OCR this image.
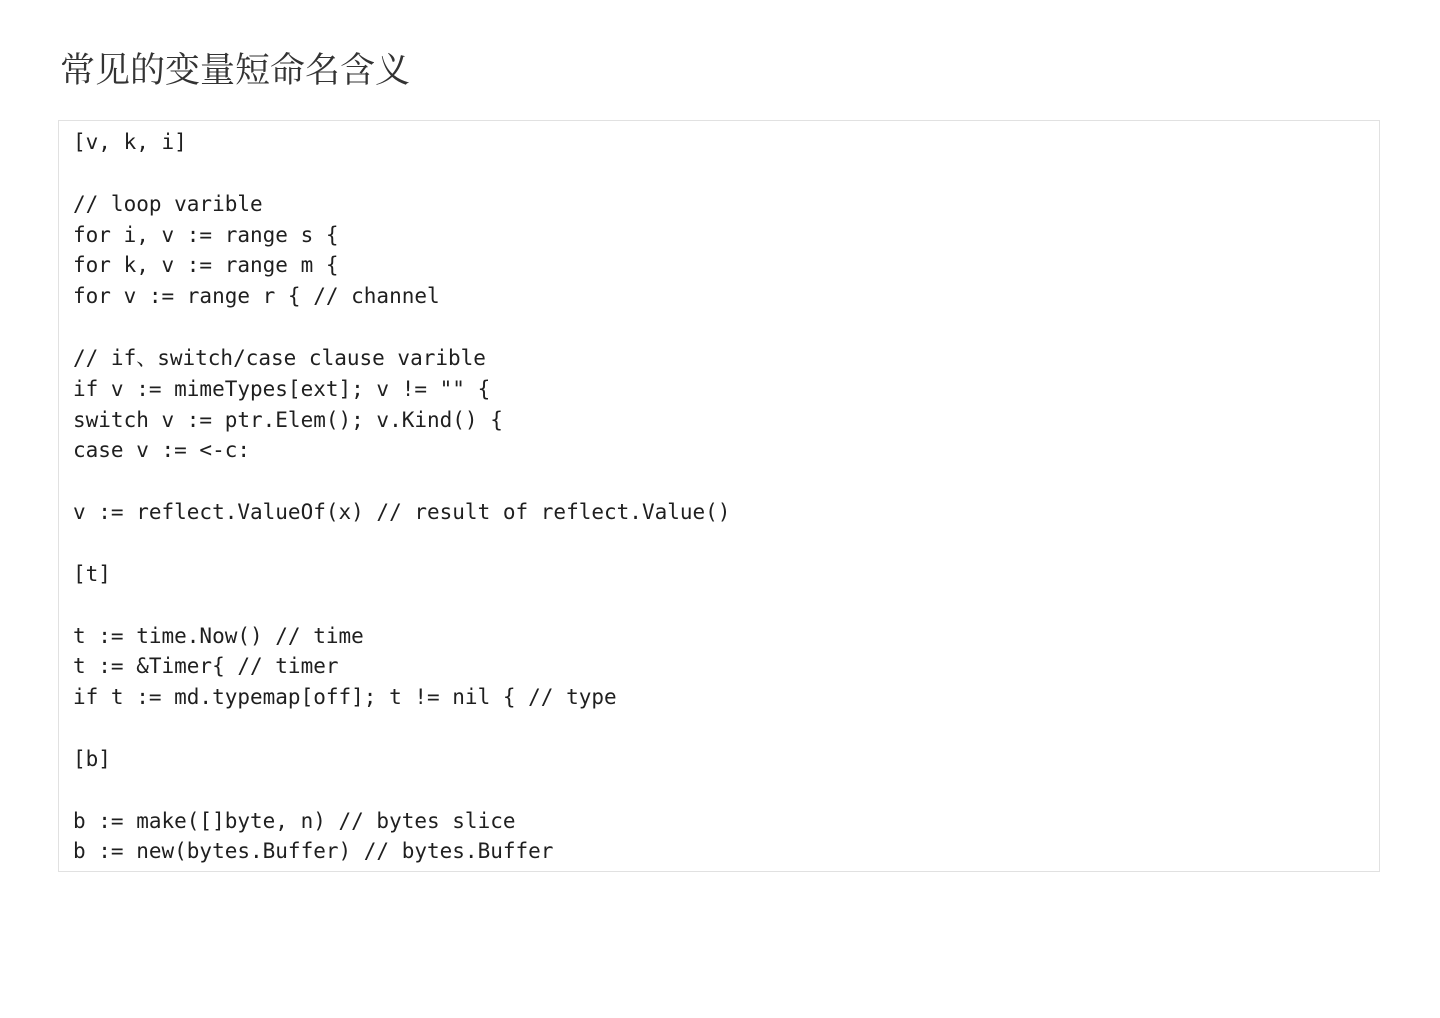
常见的变量短命名含义
[v, k, i]
// loop varible
for i, v := range s {
for k, v := range m {
for v := range r { // channel
// if、switch/case clause varible
if v := mimeTypes[ext]; v != "" {
switch v := ptr.Elem(); v.Kind() {
case v := <-c:
v := reflect.ValueOf(x) // result of reflect.Value()
[t]
t := time.Now() // time
t := &Timer{ // timer
if t := md.typemap[off]; t != nil { // type
[b]
b := make([]byte, n) // bytes slice
b := new(bytes.Buffer) // bytes.Buffer
